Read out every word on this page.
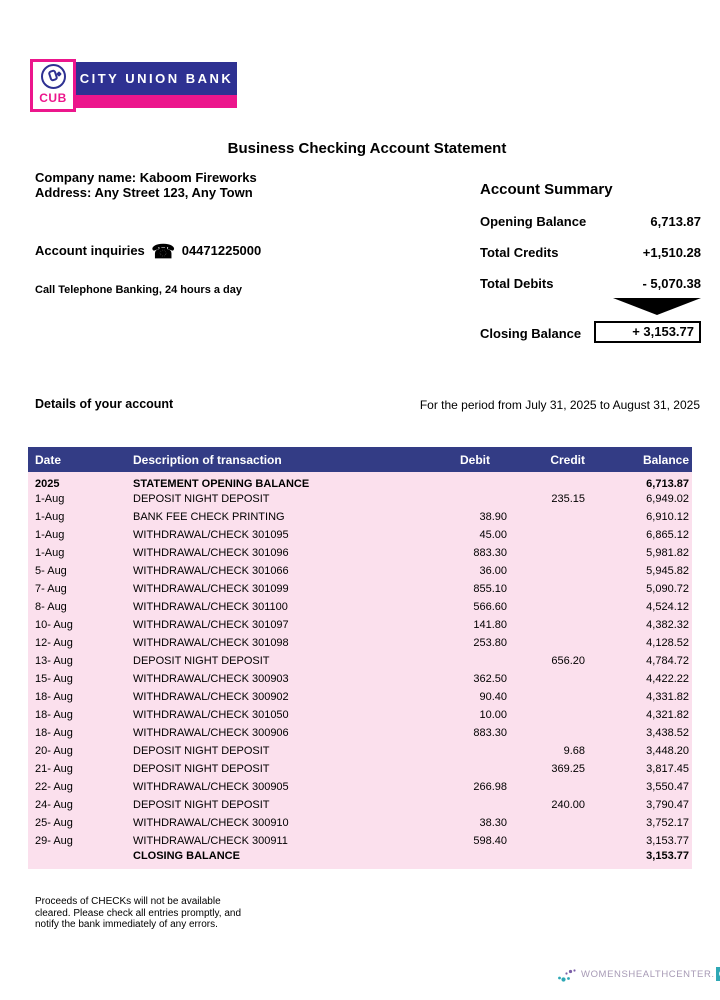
CUB
CITY UNION BANK
Business Checking Account Statement
Company name: Kaboom Fireworks
Address: Any Street 123, Any Town
Account inquiries ☎ 04471225000
Call Telephone Banking, 24 hours a day
Account Summary
Opening Balance	6,713.87
Total Credits	+1,510.28
Total Debits	- 5,070.38
Closing Balance	+ 3,153.77
Details of your account	For the period from July 31, 2025 to August 31, 2025
Date	Description of transaction	Debit	Credit	Balance
2025	STATEMENT OPENING BALANCE			6,713.87
1-Aug	DEPOSIT NIGHT DEPOSIT		235.15	6,949.02
1-Aug	BANK FEE CHECK PRINTING	38.90		6,910.12
1-Aug	WITHDRAWAL/CHECK 301095	45.00		6,865.12
1-Aug	WITHDRAWAL/CHECK 301096	883.30		5,981.82
5- Aug	WITHDRAWAL/CHECK 301066	36.00		5,945.82
7- Aug	WITHDRAWAL/CHECK 301099	855.10		5,090.72
8- Aug	WITHDRAWAL/CHECK 301100	566.60		4,524.12
10- Aug	WITHDRAWAL/CHECK 301097	141.80		4,382.32
12- Aug	WITHDRAWAL/CHECK 301098	253.80		4,128.52
13- Aug	DEPOSIT NIGHT DEPOSIT		656.20	4,784.72
15- Aug	WITHDRAWAL/CHECK 300903	362.50		4,422.22
18- Aug	WITHDRAWAL/CHECK 300902	90.40		4,331.82
18- Aug	WITHDRAWAL/CHECK 301050	10.00		4,321.82
18- Aug	WITHDRAWAL/CHECK 300906	883.30		3,438.52
20- Aug	DEPOSIT NIGHT DEPOSIT		9.68	3,448.20
21- Aug	DEPOSIT NIGHT DEPOSIT		369.25	3,817.45
22- Aug	WITHDRAWAL/CHECK 300905	266.98		3,550.47
24- Aug	DEPOSIT NIGHT DEPOSIT		240.00	3,790.47
25- Aug	WITHDRAWAL/CHECK 300910	38.30		3,752.17
29- Aug	WITHDRAWAL/CHECK 300911	598.40		3,153.77
	CLOSING BALANCE			3,153.77
Proceeds of CHECKs will not be available
cleared. Please check all entries promptly, and
notify the bank immediately of any errors.
WOMENSHEALTHCENTER.
